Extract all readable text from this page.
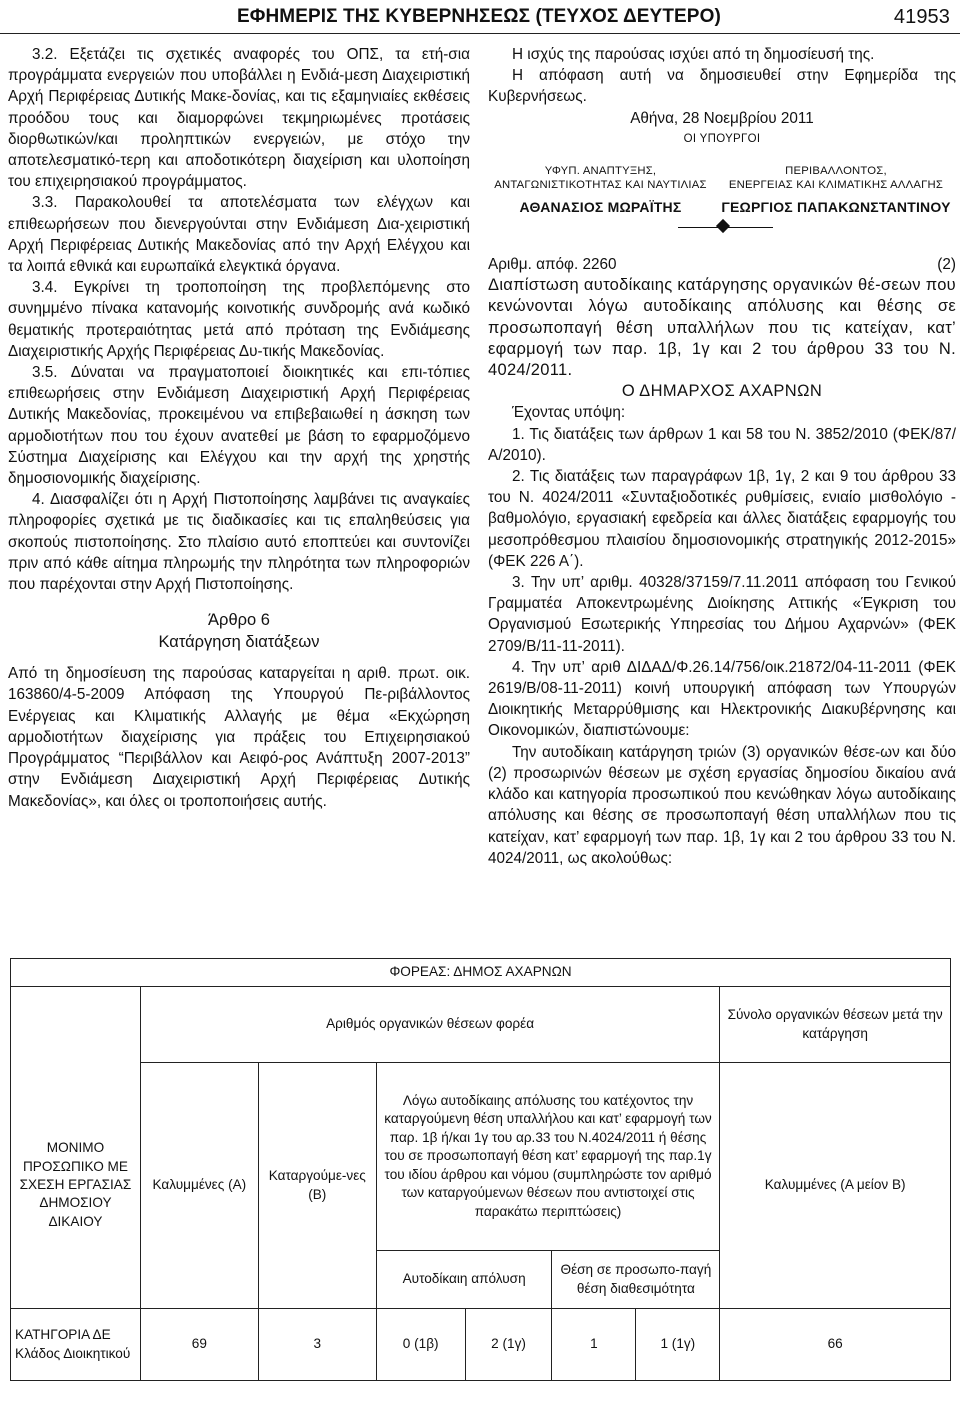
ΕΦΗΜΕΡΙΣ ΤΗΣ ΚΥΒΕΡΝΗΣΕΩΣ (ΤΕΥΧΟΣ ΔΕΥΤΕΡΟ)	41953

3.2. Εξετάζει τις σχετικές αναφορές του ΟΠΣ, τα ετή-σια προγράμματα ενεργειών που υποβάλλει η Ενδιά-μεση Διαχειριστική Αρχή Περιφέρειας Δυτικής Μακε-δονίας, και τις εξαμηνιαίες εκθέσεις προόδου τους και διαμορφώνει τεκμηριωμένες προτάσεις διορθωτικών/και προληπτικών ενεργειών, με στόχο την αποτελεσματικό-τερη και αποδοτικότερη διαχείριση και υλοποίηση του επιχειρησιακού προγράμματος.

3.3. Παρακολουθεί τα αποτελέσματα των ελέγχων και επιθεωρήσεων που διενεργούνται στην Ενδιάμεση Δια-χειριστική Αρχή Περιφέρειας Δυτικής Μακεδονίας από την Αρχή Ελέγχου και τα λοιπά εθνικά και ευρωπαϊκά ελεγκτικά όργανα.

3.4. Εγκρίνει τη τροποποίηση της προβλεπόμενης στο συνημμένο πίνακα κατανομής κοινοτικής συνδρομής ανά κωδικό θεματικής προτεραιότητας μετά από πρόταση της Ενδιάμεσης Διαχειριστικής Αρχής Περιφέρειας Δυ-τικής Μακεδονίας.

3.5. Δύναται να πραγματοποιεί διοικητικές και επι-τόπιες επιθεωρήσεις στην Ενδιάμεση Διαχειριστική Αρχή Περιφέρειας Δυτικής Μακεδονίας, προκειμένου να επιβεβαιωθεί η άσκηση των αρμοδιοτήτων που του έχουν ανατεθεί με βάση το εφαρμοζόμενο Σύστημα Διαχείρισης και Ελέγχου και την αρχή της χρηστής δημοσιονομικής διαχείρισης.

4. Διασφαλίζει ότι η Αρχή Πιστοποίησης λαμβάνει τις αναγκαίες πληροφορίες σχετικά με τις διαδικασίες και τις επαληθεύσεις για σκοπούς πιστοποίησης. Στο πλαίσιο αυτό εποπτεύει και συντονίζει πριν από κάθε αίτημα πληρωμής την πληρότητα των πληροφοριών που παρέχονται στην Αρχή Πιστοποίησης.

Άρθρο 6
Κατάργηση διατάξεων

Από τη δημοσίευση της παρούσας καταργείται η αριθ. πρωτ. οικ. 163860/4-5-2009 Απόφαση της Υπουργού Πε-ριβάλλοντος Ενέργειας και Κλιματικής Αλλαγής με θέμα «Εκχώρηση αρμοδιοτήτων διαχείρισης για πράξεις του Επιχειρησιακού Προγράμματος “Περιβάλλον και Αειφό-ρος Ανάπτυξη 2007-2013” στην Ενδιάμεση Διαχειριστική Αρχή Περιφέρειας Δυτικής Μακεδονίας», και όλες οι τροποποιήσεις αυτής.

Η ισχύς της παρούσας ισχύει από τη δημοσίευσή της.

Η απόφαση αυτή να δημοσιευθεί στην Εφημερίδα της Κυβερνήσεως.

Αθήνα, 28 Νοεμβρίου 2011

ΟΙ ΥΠΟΥΡΓΟΙ

ΥΦΥΠ. ΑΝΑΠΤΥΞΗΣ,
ΑΝΤΑΓΩΝΙΣΤΙΚΟΤΗΤΑΣ ΚΑΙ ΝΑΥΤΙΛΙΑΣ
ΑΘΑΝΑΣΙΟΣ ΜΩΡΑΪΤΗΣ
ΠΕΡΙΒΑΛΛΟΝΤΟΣ,
ΕΝΕΡΓΕΙΑΣ ΚΑΙ ΚΛΙΜΑΤΙΚΗΣ ΑΛΛΑΓΗΣ
ΓΕΩΡΓΙΟΣ ΠΑΠΑΚΩΝΣΤΑΝΤΙΝΟΥ
Αριθμ. απόφ. 2260	(2)

Διαπίστωση αυτοδίκαιης κατάργησης οργανικών θέ-σεων που κενώνονται λόγω αυτοδίκαιης απόλυσης και θέσης σε προσωποπαγή θέση υπαλλήλων που τις κατείχαν, κατ’ εφαρμογή των παρ. 1β, 1γ και 2 του άρθρου 33 του Ν. 4024/2011.

Ο ΔΗΜΑΡΧΟΣ ΑΧΑΡΝΩΝ

Έχοντας υπόψη:

1. Τις διατάξεις των άρθρων 1 και 58 του Ν. 3852/2010 (ΦΕΚ/87/Α/2010).

2. Τις διατάξεις των παραγράφων 1β, 1γ, 2 και 9 του άρθρου 33 του Ν. 4024/2011 «Συνταξιοδοτικές ρυθμίσεις, ενιαίο μισθολόγιο - βαθμολόγιο, εργασιακή εφεδρεία και άλλες διατάξεις εφαρμογής του μεσοπρόθεσμου πλαισίου δημοσιονομικής στρατηγικής 2012-2015» (ΦΕΚ 226 Α΄).

3. Την υπ’ αριθμ. 40328/37159/7.11.2011 απόφαση του Γενικού Γραμματέα Αποκεντρωμένης Διοίκησης Αττικής «Έγκριση του Οργανισμού Εσωτερικής Υπηρεσίας του Δήμου Αχαρνών» (ΦΕΚ 2709/Β/11-11-2011).

4. Την υπ’ αριθ ΔΙΔΑΔ/Φ.26.14/756/οικ.21872/04-11-2011 (ΦΕΚ 2619/Β/08-11-2011) κοινή υπουργική απόφαση των Υπουργών Διοικητικής Μεταρρύθμισης και Ηλεκτρονικής Διακυβέρνησης και Οικονομικών, διαπιστώνουμε:

Την αυτοδίκαιη κατάργηση τριών (3) οργανικών θέσε-ων και δύο (2) προσωρινών θέσεων με σχέση εργασίας δημοσίου δικαίου ανά κλάδο και κατηγορία προσωπικού που κενώθηκαν λόγω αυτοδίκαιης απόλυσης και θέσης σε προσωποπαγή θέση υπαλλήλων που τις κατείχαν, κατ’ εφαρμογή των παρ. 1β, 1γ και 2 του άρθρου 33 του Ν. 4024/2011, ως ακολούθως:

ΦΟΡΕΑΣ: ΔΗΜΟΣ ΑΧΑΡΝΩΝ							
	Αριθμός οργανικών θέσεων φορέα						Σύνολο οργανικών θέσεων μετά την κατάργηση
ΜΟΝΙΜΟ ΠΡΟΣΩΠΙΚΟ ΜΕ ΣΧΕΣΗ ΕΡΓΑΣΙΑΣ ΔΗΜΟΣΙΟΥ ΔΙΚΑΙΟΥ	Καλυμμένες (Α)	Καταργούμε-νες (Β)	Λόγω αυτοδίκαιης απόλυσης του κατέχοντος την καταργούμενη θέση υπαλλήλου και κατ’ εφαρμογή των παρ. 1β ή/και 1γ του αρ.33 του Ν.4024/2011 ή θέσης του σε προσωποπαγή θέση κατ’ εφαρμογή της παρ.1γ του ιδίου άρθρου και νόμου (συμπληρώστε τον αριθμό των καταργούμενων θέσεων που αντιστοιχεί στις παρακάτω περιπτώσεις)				Καλυμμένες (Α μείον Β)
			Αυτοδίκαιη απόλυση		Θέση σε προσωπο-παγή θέση διαθεσιμότητα		
ΚΑΤΗΓΟΡΙΑ ΔΕ Κλάδος Διοικητικού	69	3	0 (1β)	2 (1γ)	1	1 (1γ)	66
